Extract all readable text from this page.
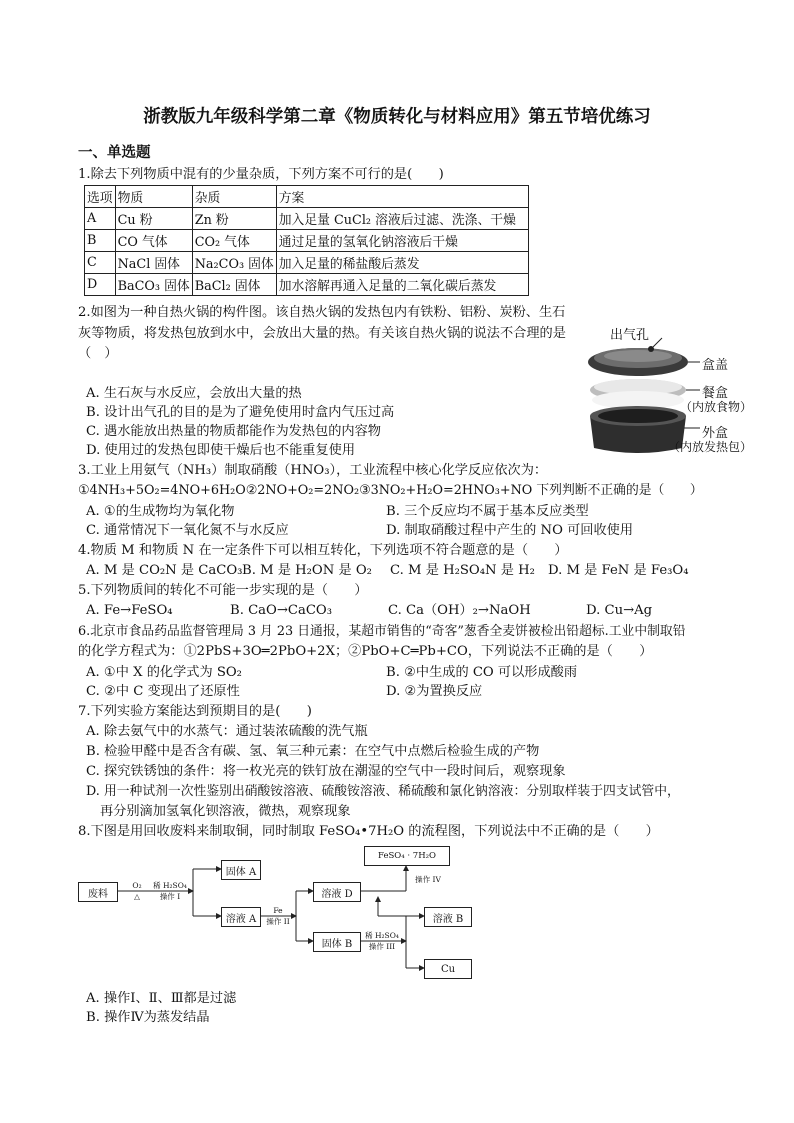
浙教版九年级科学第二章《物质转化与材料应用》第五节培优练习
一、单选题
1.除去下列物质中混有的少量杂质，下列方案不可行的是(　　)
选项	物质	杂质	方案
A	Cu 粉	Zn 粉	加入足量 CuCl₂ 溶液后过滤、洗涤、干燥
B	CO 气体	CO₂ 气体	通过足量的氢氧化钠溶液后干燥
C	NaCl 固体	Na₂CO₃ 固体	加入足量的稀盐酸后蒸发
D	BaCO₃ 固体	BaCl₂ 固体	加水溶解再通入足量的二氧化碳后蒸发
2.如图为一种自热火锅的构件图。该自热火锅的发热包内有铁粉、铝粉、炭粉、生石
灰等物质，将发热包放到水中，会放出大量的热。有关该自热火锅的说法不合理的是
（　）
A. 生石灰与水反应，会放出大量的热
B. 设计出气孔的目的是为了避免使用时盒内气压过高
C. 遇水能放出热量的物质都能作为发热包的内容物
D. 使用过的发热包即使干燥后也不能重复使用
出气孔
盒盖
餐盒
（内放食物）
外盒
（内放发热包）
3.工业上用氨气（NH₃）制取硝酸（HNO₃），工业流程中核心化学反应依次为：
①4NH₃+5O₂=4NO+6H₂O②2NO+O₂=2NO₂③3NO₂+H₂O=2HNO₃+NO 下列判断不正确的是（　　）
A. ①的生成物均为氧化物	B. 三个反应均不属于基本反应类型
C. 通常情况下一氧化氮不与水反应	D. 制取硝酸过程中产生的 NO 可回收使用
4.物质 M 和物质 N 在一定条件下可以相互转化，下列选项不符合题意的是（　　）
A. M 是 CO₂N 是 CaCO₃ B. M 是 H₂ON 是 O₂ C. M 是 H₂SO₄N 是 H₂ D. M 是 FeN 是 Fe₃O₄
5.下列物质间的转化不可能一步实现的是（　　）
A. Fe→FeSO₄	B. CaO→CaCO₃	C. Ca（OH）₂→NaOH	D. Cu→Ag
6.北京市食品药品监督管理局 3 月 23 日通报，某超市销售的“奇客”葱香全麦饼被检出铅超标.工业中制取铅
的化学方程式为：①2PbS+3O═2PbO+2X；②PbO+C═Pb+CO，下列说法不正确的是（　　）
A. ①中 X 的化学式为 SO₂	B. ②中生成的 CO 可以形成酸雨
C. ②中 C 变现出了还原性	D. ②为置换反应
7.下列实验方案能达到预期目的是(　　)
A. 除去氨气中的水蒸气：通过装浓硫酸的洗气瓶
B. 检验甲醛中是否含有碳、氢、氧三种元素：在空气中点燃后检验生成的产物
C. 探究铁锈蚀的条件：将一枚光亮的铁钉放在潮湿的空气中一段时间后，观察现象
D. 用一种试剂一次性鉴别出硝酸铵溶液、硫酸铵溶液、稀硫酸和氯化钠溶液：分别取样装于四支试管中，
再分别滴加氢氧化钡溶液，微热，观察现象
8.下图是用回收废料来制取铜，同时制取 FeSO₄•7H₂O 的流程图，下列说法中不正确的是（　　）
废料
O₂
△
稀 H₂SO₄
操作 I
固体 A
溶液 A
Fe
操作 II
溶液 D
FeSO₄ · 7H₂O
操作 IV
固体 B
稀 H₂SO₄
操作 III
溶液 B
Cu
A. 操作Ⅰ、Ⅱ、Ⅲ都是过滤
B. 操作Ⅳ为蒸发结晶
